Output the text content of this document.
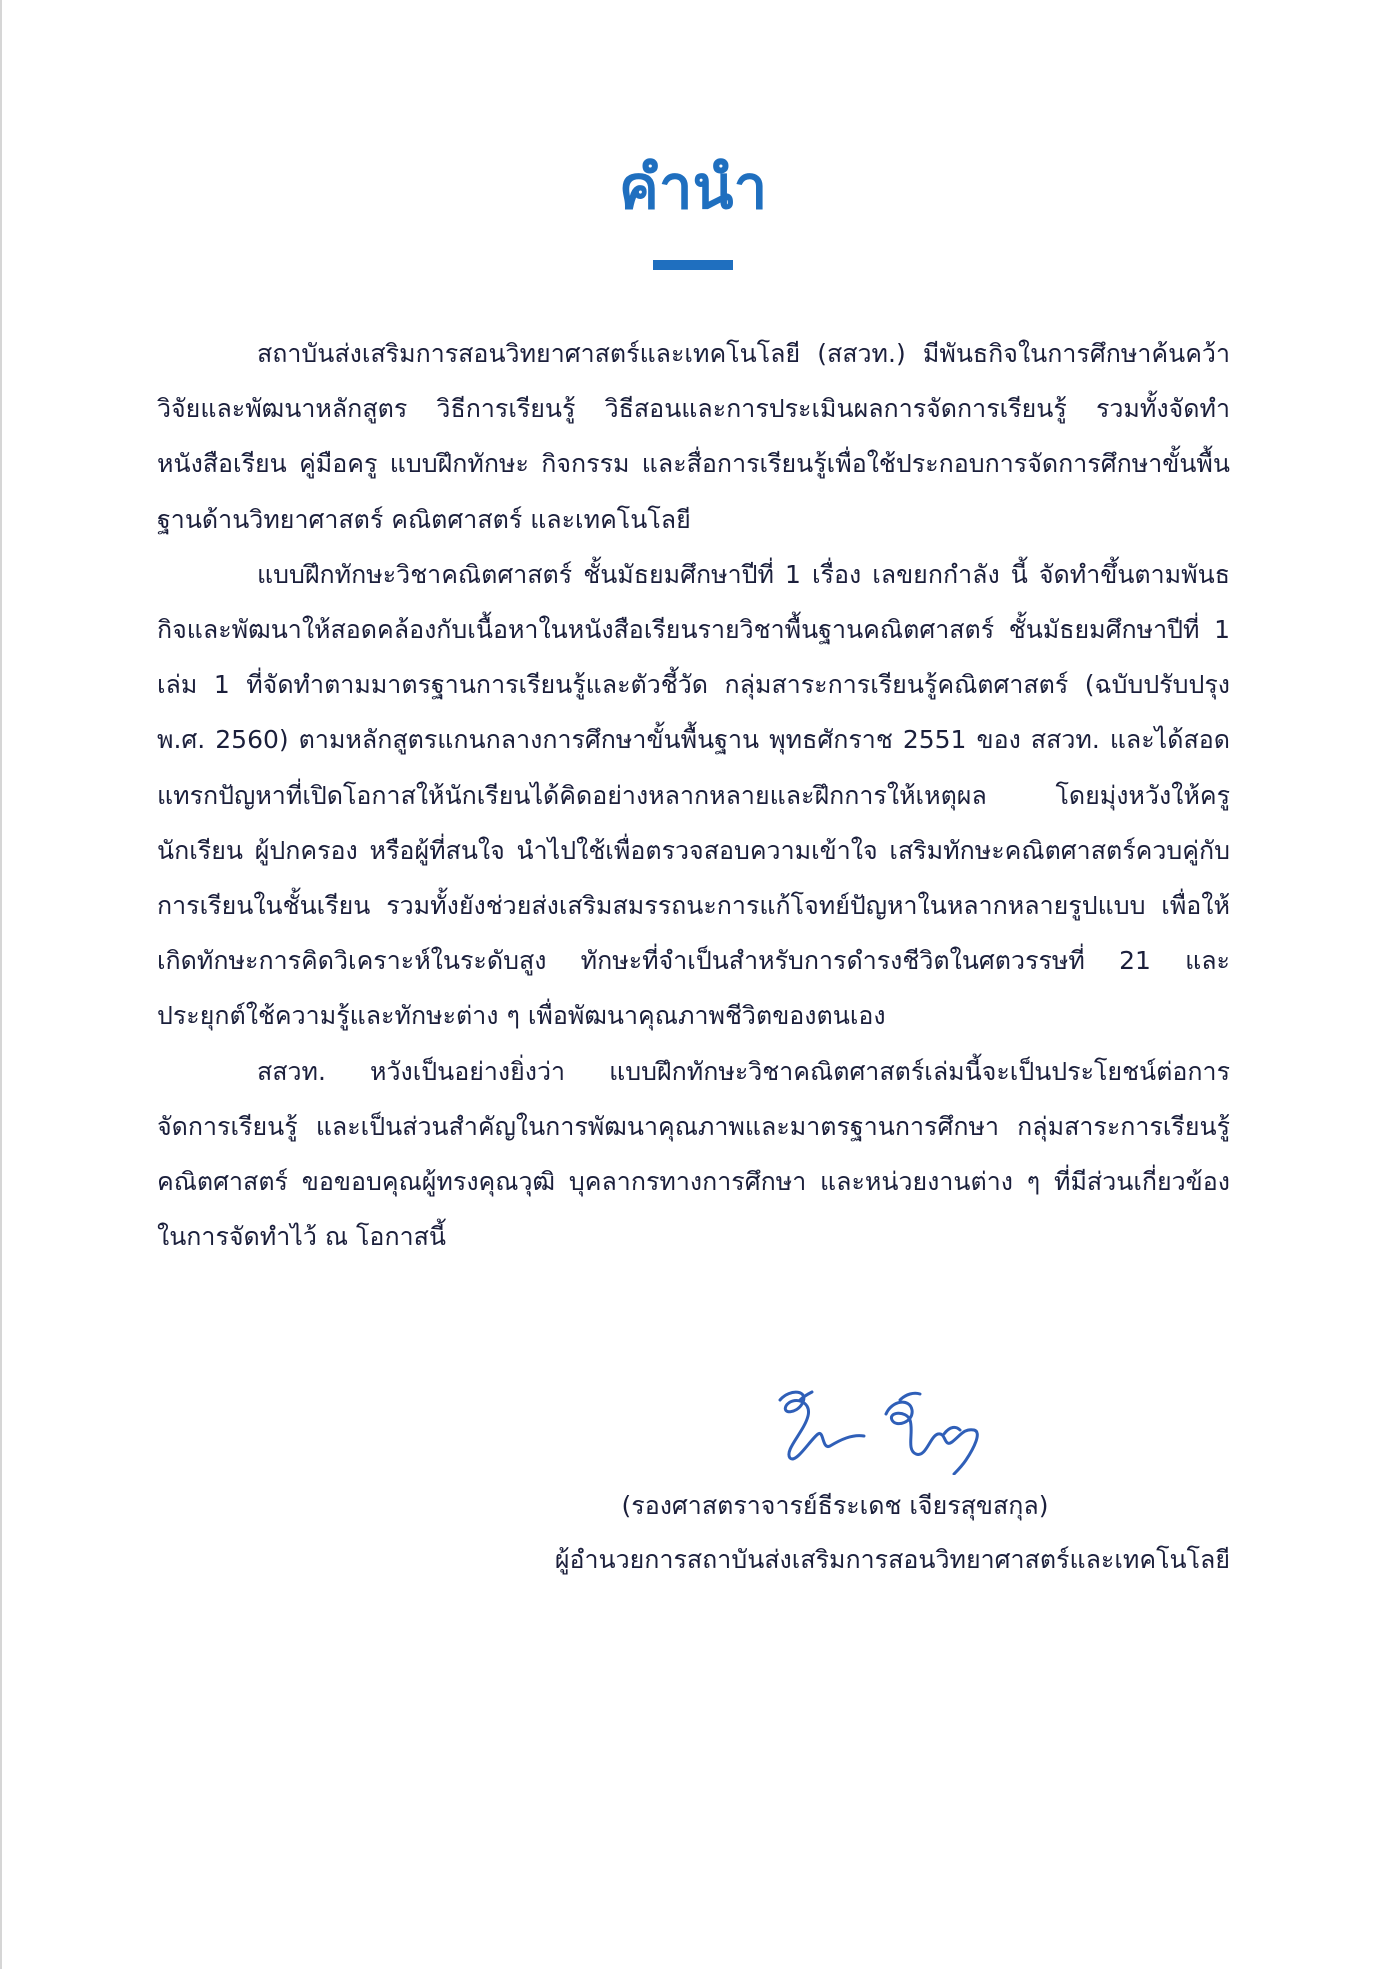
คำนำ

สถาบันส่งเสริมการสอนวิทยาศาสตร์และเทคโนโลยี (สสวท.) มีพันธกิจในการศึกษาค้นคว้า วิจัยและพัฒนาหลักสูตร วิธีการเรียนรู้ วิธีสอนและการประเมินผลการจัดการเรียนรู้ รวมทั้งจัดทำหนังสือเรียน คู่มือครู แบบฝึกทักษะ กิจกรรม และสื่อการเรียนรู้เพื่อใช้ประกอบการจัดการศึกษาขั้นพื้นฐานด้านวิทยาศาสตร์ คณิตศาสตร์ และเทคโนโลยี

แบบฝึกทักษะวิชาคณิตศาสตร์ ชั้นมัธยมศึกษาปีที่ 1 เรื่อง เลขยกกำลัง นี้ จัดทำขึ้นตามพันธกิจและพัฒนาให้สอดคล้องกับเนื้อหาในหนังสือเรียนรายวิชาพื้นฐานคณิตศาสตร์ ชั้นมัธยมศึกษาปีที่ 1 เล่ม 1 ที่จัดทำตามมาตรฐานการเรียนรู้และตัวชี้วัด กลุ่มสาระการเรียนรู้คณิตศาสตร์ (ฉบับปรับปรุง พ.ศ. 2560) ตามหลักสูตรแกนกลางการศึกษาขั้นพื้นฐาน พุทธศักราช 2551 ของ สสวท. และได้สอดแทรกปัญหาที่เปิดโอกาสให้นักเรียนได้คิดอย่างหลากหลายและฝึกการให้เหตุผล โดยมุ่งหวังให้ครู นักเรียน ผู้ปกครอง หรือผู้ที่สนใจ นำไปใช้เพื่อตรวจสอบความเข้าใจ เสริมทักษะคณิตศาสตร์ควบคู่กับการเรียนในชั้นเรียน รวมทั้งยังช่วยส่งเสริมสมรรถนะการแก้โจทย์ปัญหาในหลากหลายรูปแบบ เพื่อให้เกิดทักษะการคิดวิเคราะห์ในระดับสูง ทักษะที่จำเป็นสำหรับการดำรงชีวิตในศตวรรษที่ 21 และประยุกต์ใช้ความรู้และทักษะต่าง ๆ เพื่อพัฒนาคุณภาพชีวิตของตนเอง

สสวท. หวังเป็นอย่างยิ่งว่า แบบฝึกทักษะวิชาคณิตศาสตร์เล่มนี้จะเป็นประโยชน์ต่อการจัดการเรียนรู้ และเป็นส่วนสำคัญในการพัฒนาคุณภาพและมาตรฐานการศึกษา กลุ่มสาระการเรียนรู้คณิตศาสตร์ ขอขอบคุณผู้ทรงคุณวุฒิ บุคลากรทางการศึกษา และหน่วยงานต่าง ๆ ที่มีส่วนเกี่ยวข้องในการจัดทำไว้ ณ โอกาสนี้

(รองศาสตราจารย์ธีระเดช เจียรสุขสกุล)

ผู้อำนวยการสถาบันส่งเสริมการสอนวิทยาศาสตร์และเทคโนโลยี
